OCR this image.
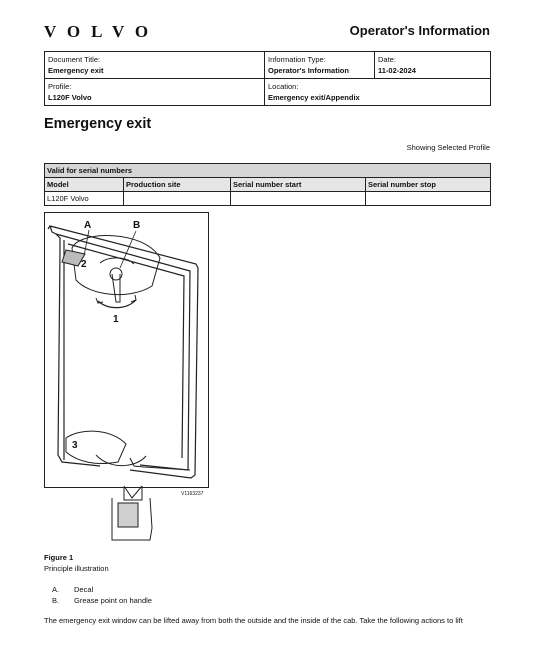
VOLVO	Operator's Information
Document Title:
Emergency exit	Information Type:
Operator's Information	Date:
11-02-2024

Profile:
L120F Volvo	Location:
Emergency exit/Appendix	
Emergency exit
Showing Selected Profile
Valid for serial numbers			
Model	Production site	Serial number start	Serial number stop
L120F Volvo			
A	B
1
2
3
V1163237
Figure 1
Principle illustration
A.	Decal
B.	Grease point on handle
The emergency exit window can be lifted away from both the outside and the inside of the cab. Take the following actions to lift
